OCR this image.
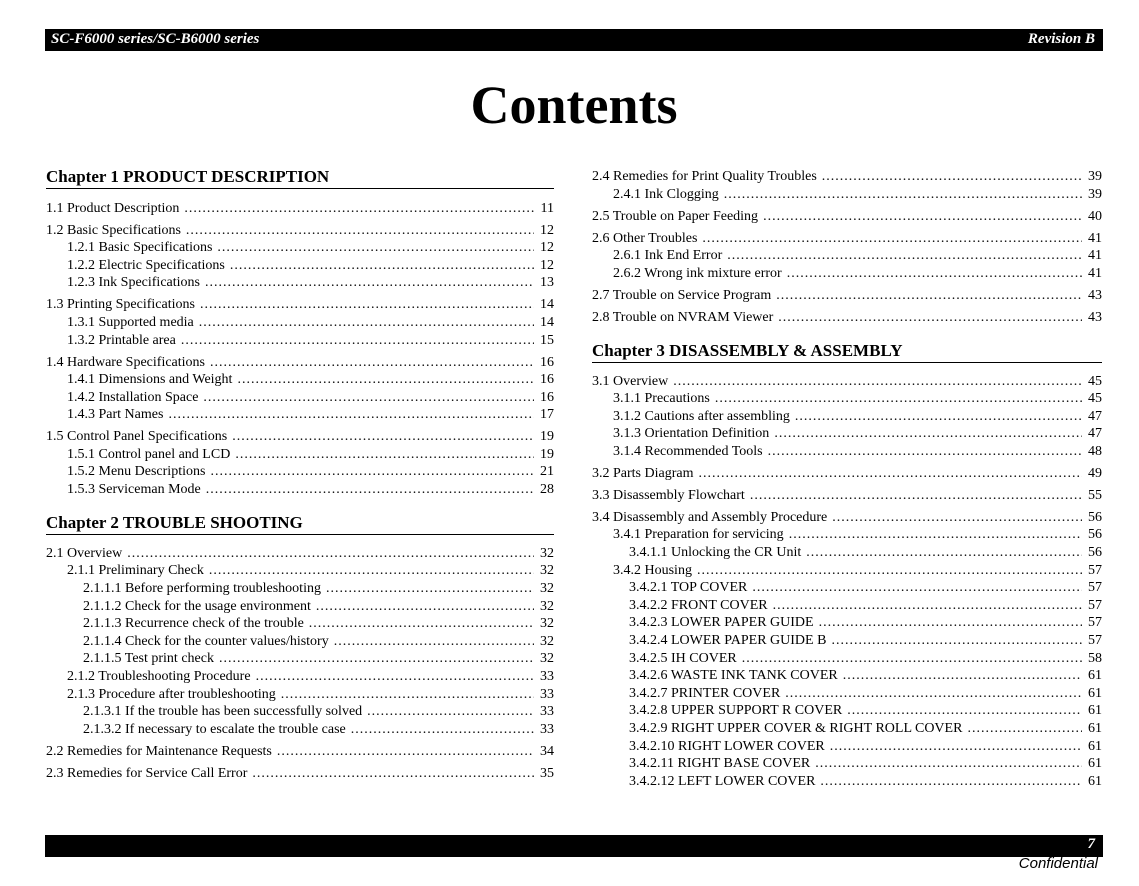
SC-F6000 series/SC-B6000 series	Revision B
Contents
Chapter 1 PRODUCT DESCRIPTION
1.1 Product Description .....	11
1.2 Basic Specifications .....	12
1.2.1 Basic Specifications .....	12
1.2.2 Electric Specifications .....	12
1.2.3 Ink Specifications .....	13
1.3 Printing Specifications .....	14
1.3.1 Supported media .....	14
1.3.2 Printable area .....	15
1.4 Hardware Specifications .....	16
1.4.1 Dimensions and Weight .....	16
1.4.2 Installation Space .....	16
1.4.3 Part Names .....	17
1.5 Control Panel Specifications .....	19
1.5.1 Control panel and LCD .....	19
1.5.2 Menu Descriptions .....	21
1.5.3 Serviceman Mode .....	28
Chapter 2 TROUBLE SHOOTING
2.1 Overview .....	32
2.1.1 Preliminary Check .....	32
2.1.1.1 Before performing troubleshooting .....	32
2.1.1.2 Check for the usage environment .....	32
2.1.1.3 Recurrence check of the trouble .....	32
2.1.1.4 Check for the counter values/history .....	32
2.1.1.5 Test print check .....	32
2.1.2 Troubleshooting Procedure .....	33
2.1.3 Procedure after troubleshooting .....	33
2.1.3.1 If the trouble has been successfully solved .....	33
2.1.3.2 If necessary to escalate the trouble case .....	33
2.2 Remedies for Maintenance Requests .....	34
2.3 Remedies for Service Call Error .....	35
2.4 Remedies for Print Quality Troubles .....	39
2.4.1 Ink Clogging .....	39
2.5 Trouble on Paper Feeding .....	40
2.6 Other Troubles .....	41
2.6.1 Ink End Error .....	41
2.6.2 Wrong ink mixture error .....	41
2.7 Trouble on Service Program .....	43
2.8 Trouble on NVRAM Viewer .....	43
Chapter 3 DISASSEMBLY & ASSEMBLY
3.1 Overview .....	45
3.1.1 Precautions .....	45
3.1.2 Cautions after assembling .....	47
3.1.3 Orientation Definition .....	47
3.1.4 Recommended Tools .....	48
3.2 Parts Diagram .....	49
3.3 Disassembly Flowchart .....	55
3.4 Disassembly and Assembly Procedure .....	56
3.4.1 Preparation for servicing .....	56
3.4.1.1 Unlocking the CR Unit .....	56
3.4.2 Housing .....	57
3.4.2.1 TOP COVER .....	57
3.4.2.2 FRONT COVER .....	57
3.4.2.3 LOWER PAPER GUIDE .....	57
3.4.2.4 LOWER PAPER GUIDE B .....	57
3.4.2.5 IH COVER .....	58
3.4.2.6 WASTE INK TANK COVER .....	61
3.4.2.7 PRINTER COVER .....	61
3.4.2.8 UPPER SUPPORT R COVER .....	61
3.4.2.9 RIGHT UPPER COVER & RIGHT ROLL COVER .....	61
3.4.2.10 RIGHT LOWER COVER .....	61
3.4.2.11 RIGHT BASE COVER .....	61
3.4.2.12 LEFT LOWER COVER .....	61
7
Confidential
